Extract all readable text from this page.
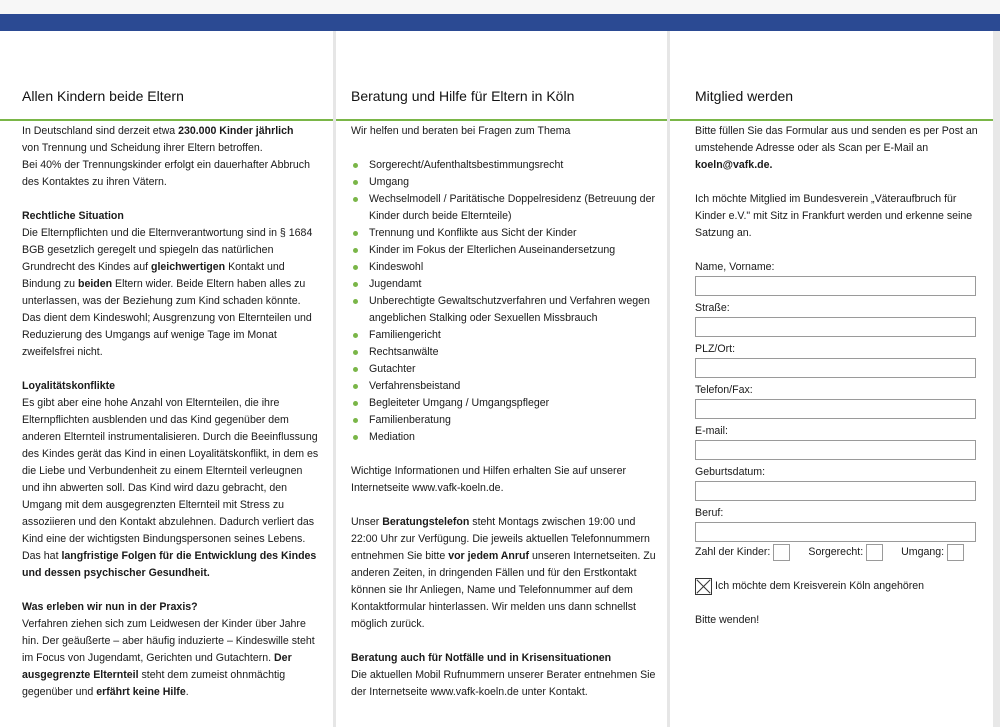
Allen Kindern beide Eltern

In Deutschland sind derzeit etwa 230.000 Kinder jährlich
von Trennung und Scheidung ihrer Eltern betroffen.
Bei 40% der Trennungskinder erfolgt ein dauerhafter Abbruch des Kontaktes zu ihren Vätern.

Rechtliche Situation

Die Elternpflichten und die Elternverantwortung sind in § 1684 BGB gesetzlich geregelt und spiegeln das natürlichen Grundrecht des Kindes auf gleichwertigen Kontakt und Bindung zu beiden Eltern wider. Beide Eltern haben alles zu unterlassen, was der Beziehung zum Kind schaden könnte. Das dient dem Kindeswohl; Ausgrenzung von Elternteilen und Reduzierung des Umgangs auf wenige Tage im Monat zweifelsfrei nicht.

Loyalitätskonflikte

Es gibt aber eine hohe Anzahl von Elternteilen, die ihre Elternpflichten ausblenden und das Kind gegenüber dem anderen Elternteil instrumentalisieren. Durch die Beeinflussung des Kindes gerät das Kind in einen Loyalitätskonflikt, in dem es die Liebe und Verbundenheit zu einem Elternteil verleugnen und ihn abwerten soll. Das Kind wird dazu gebracht, den Umgang mit dem ausgegrenzten Elternteil mit Stress zu assoziieren und den Kontakt abzulehnen. Dadurch verliert das Kind eine der wichtigsten Bindungspersonen seines Lebens. Das hat langfristige Folgen für die Entwicklung des Kindes und dessen psychischer Gesundheit.

Was erleben wir nun in der Praxis?

Verfahren ziehen sich zum Leidwesen der Kinder über Jahre hin. Der geäußerte – aber häufig induzierte – Kindeswille steht im Focus von Jugendamt, Gerichten und Gutachtern. Der ausgegrenzte Elternteil steht dem zumeist ohnmächtig gegenüber und erfährt keine Hilfe.

Beratung und Hilfe für Eltern in Köln

Wir helfen und beraten bei Fragen zum Thema

Sorgerecht/Aufenthaltsbestimmungsrecht
Umgang
Wechselmodell / Paritätische Doppelresidenz (Betreuung der Kinder durch beide Elternteile)
Trennung und Konflikte aus Sicht der Kinder
Kinder im Fokus der Elterlichen Auseinandersetzung
Kindeswohl
Jugendamt
Unberechtigte Gewaltschutzverfahren und Verfahren wegen angeblichen Stalking oder Sexuellen Missbrauch
Familiengericht
Rechtsanwälte
Gutachter
Verfahrensbeistand
Begleiteter Umgang / Umgangspfleger
Familienberatung
Mediation

Wichtige Informationen und Hilfen erhalten Sie auf unserer Internetseite www.vafk-koeln.de.

Unser Beratungstelefon steht Montags zwischen 19:00 und 22:00 Uhr zur Verfügung. Die jeweils aktuellen Telefonnummern entnehmen Sie bitte vor jedem Anruf unseren Internetseiten. Zu anderen Zeiten, in dringenden Fällen und für den Erstkontakt können sie Ihr Anliegen, Name und Telefonnummer auf dem Kontaktformular hinterlassen. Wir melden uns dann schnellst möglich zurück.

Beratung auch für Notfälle und in Krisensituationen

Die aktuellen Mobil Rufnummern unserer Berater entnehmen Sie der Internetseite www.vafk-koeln.de unter Kontakt.

Mitglied werden

Bitte füllen Sie das Formular aus und senden es per Post an umstehende Adresse oder als Scan per E-Mail an
koeln@vafk.de.

Ich möchte Mitglied im Bundesverein „Väteraufbruch für Kinder e.V." mit Sitz in Frankfurt werden und erkenne seine Satzung an.

Name, Vorname:
Straße:
PLZ/Ort:
Telefon/Fax:
E-mail:
Geburtsdatum:
Beruf:
Zahl der Kinder:	Sorgerecht:	Umgang:
Ich möchte dem Kreisverein Köln angehören

Bitte wenden!
